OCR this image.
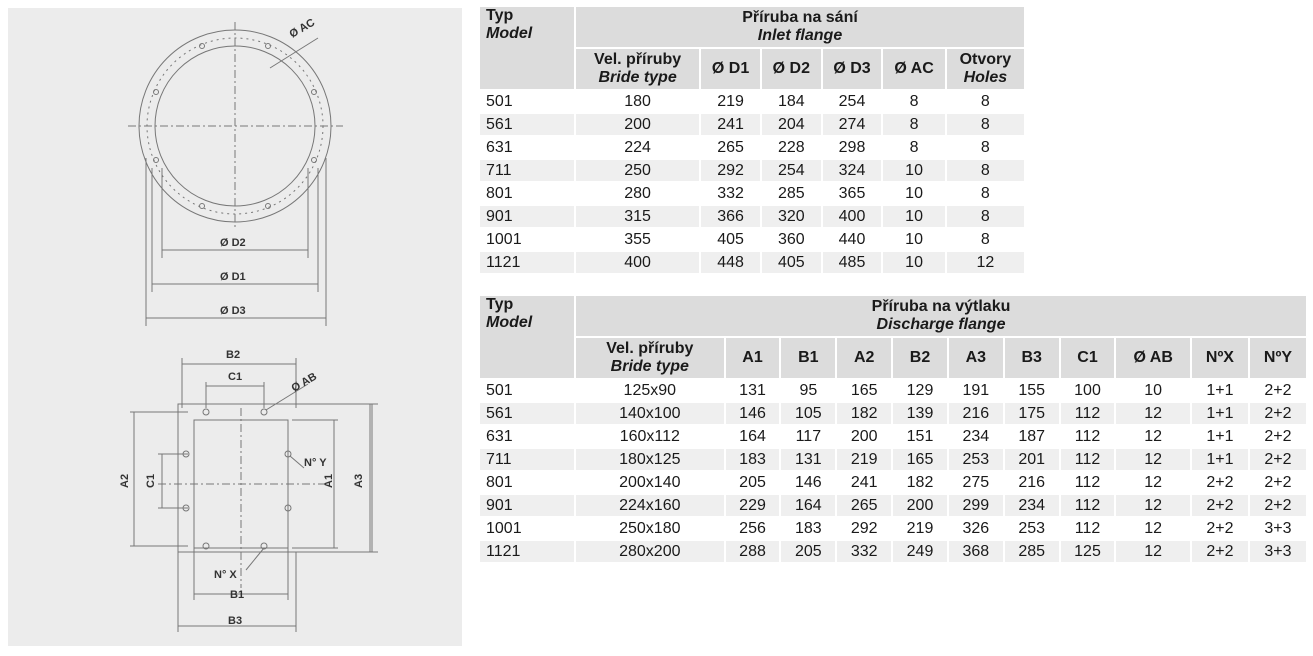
Ø D2
Ø D1
Ø D3
Ø AC
B2
C1	Ø AB
A2 C1	A1 A3
N° Y
N° X
B1
B3
Typ
Model	Příruba na sání
Inlet flange					

	Vel. příruby
Bride type	Ø D1	Ø D2	Ø D3	Ø AC	Otvory
Holes

501	180	219	184	254	8	8
561	200	241	204	274	8	8
631	224	265	228	298	8	8
711	250	292	254	324	10	8
801	280	332	285	365	10	8
901	315	366	320	400	10	8
1001	355	405	360	440	10	8
1121	400	448	405	485	10	12
Typ
Model	Příruba na výtlaku
Discharge flange										

	Vel. příruby
Bride type	A1	B1	A2	B2	A3	B3	C1	Ø AB	NºX	NºY

501	125x90	131	95	165	129	191	155	100	10	1+1	2+2
561	140x100	146	105	182	139	216	175	112	12	1+1	2+2
631	160x112	164	117	200	151	234	187	112	12	1+1	2+2
711	180x125	183	131	219	165	253	201	112	12	1+1	2+2
801	200x140	205	146	241	182	275	216	112	12	2+2	2+2
901	224x160	229	164	265	200	299	234	112	12	2+2	2+2
1001	250x180	256	183	292	219	326	253	112	12	2+2	3+3
1121	280x200	288	205	332	249	368	285	125	12	2+2	3+3
